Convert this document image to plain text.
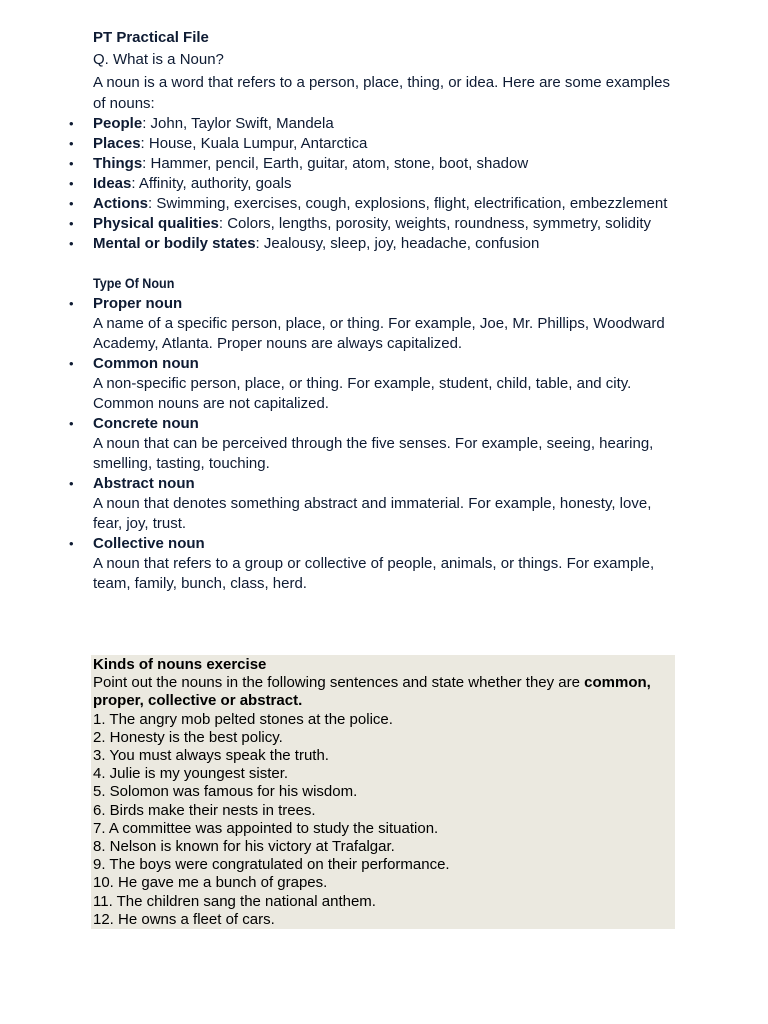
PT Practical File

Q. What is a Noun?

A noun is a word that refers to a person, place, thing, or idea. Here are some examples of nouns:

• People: John, Taylor Swift, Mandela
• Places: House, Kuala Lumpur, Antarctica
• Things: Hammer, pencil, Earth, guitar, atom, stone, boot, shadow
• Ideas: Affinity, authority, goals
• Actions: Swimming, exercises, cough, explosions, flight, electrification, embezzlement
• Physical qualities: Colors, lengths, porosity, weights, roundness, symmetry, solidity
• Mental or bodily states: Jealousy, sleep, joy, headache, confusion

Type Of Noun

• Proper noun
A name of a specific person, place, or thing. For example, Joe, Mr. Phillips, Woodward Academy, Atlanta. Proper nouns are always capitalized.
• Common noun
A non-specific person, place, or thing. For example, student, child, table, and city. Common nouns are not capitalized.
• Concrete noun
A noun that can be perceived through the five senses. For example, seeing, hearing, smelling, tasting, touching.
• Abstract noun
A noun that denotes something abstract and immaterial. For example, honesty, love, fear, joy, trust.
• Collective noun
A noun that refers to a group or collective of people, animals, or things. For example, team, family, bunch, class, herd.
Kinds of nouns exercise
Point out the nouns in the following sentences and state whether they are common, proper, collective or abstract.
1. The angry mob pelted stones at the police.
2. Honesty is the best policy.
3. You must always speak the truth.
4. Julie is my youngest sister.
5. Solomon was famous for his wisdom.
6. Birds make their nests in trees.
7. A committee was appointed to study the situation.
8. Nelson is known for his victory at Trafalgar.
9. The boys were congratulated on their performance.
10. He gave me a bunch of grapes.
11. The children sang the national anthem.
12. He owns a fleet of cars.
